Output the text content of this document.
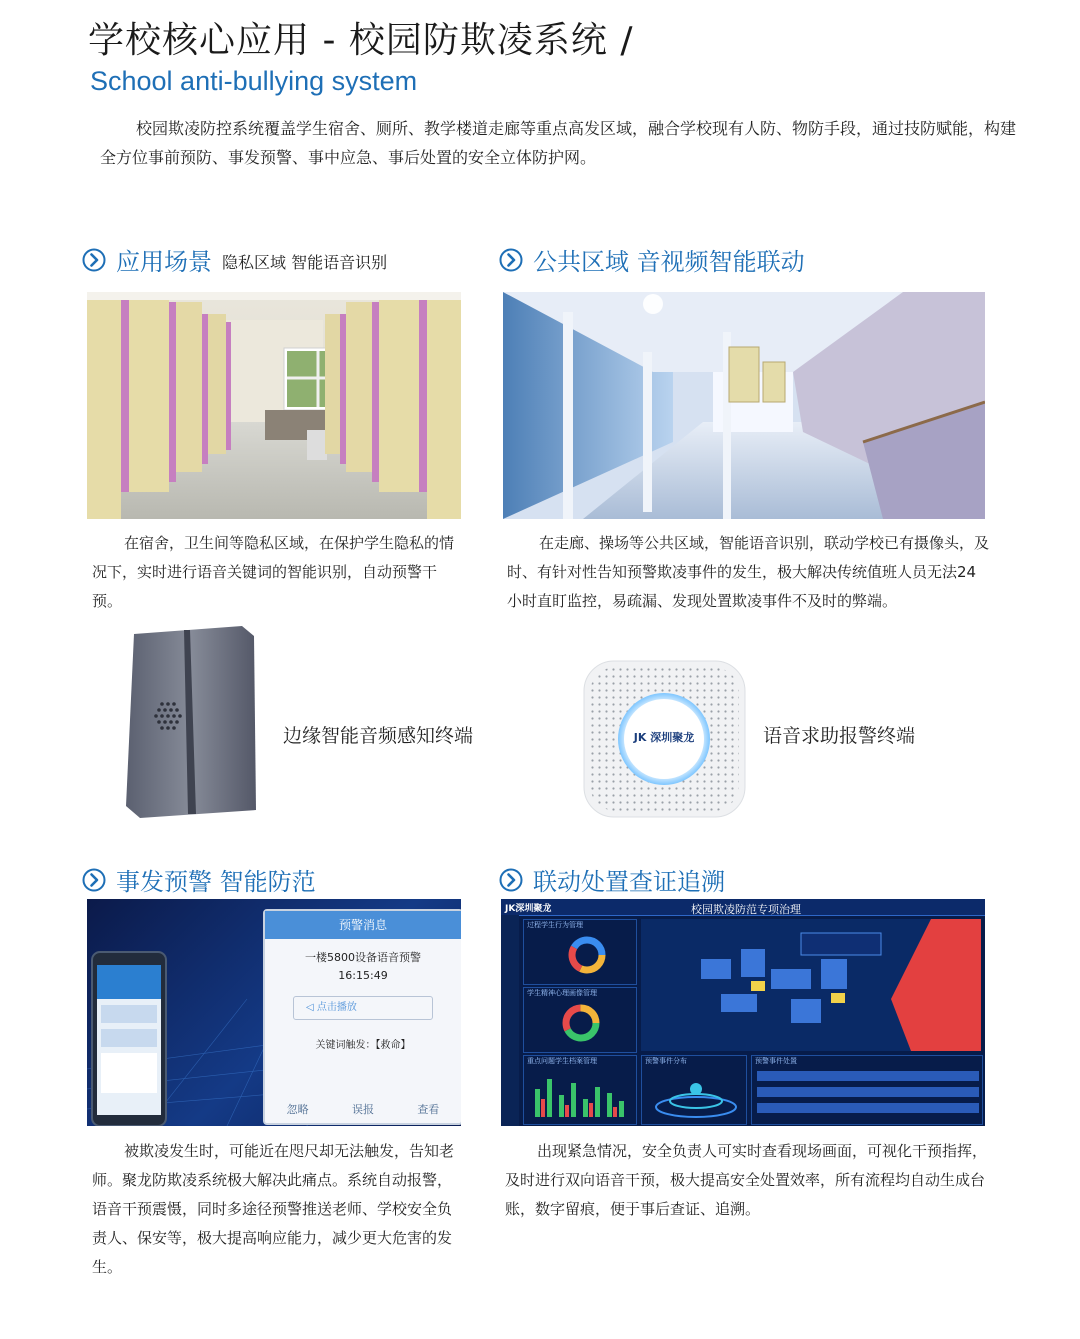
学校核心应用 - 校园防欺凌系统 /
School anti-bullying system
校园欺凌防控系统覆盖学生宿舍、厕所、教学楼道走廊等重点高发区域，融合学校现有人防、物防手段，通过技防赋能，构建全方位事前预防、事发预警、事中应急、事后处置的安全立体防护网。
应用场景 隐私区域 智能语音识别	公共区域 音视频智能联动
在宿舍，卫生间等隐私区域，在保护学生隐私的情况下，实时进行语音关键词的智能识别，自动预警干预。
在走廊、操场等公共区域，智能语音识别，联动学校已有摄像头，及时、有针对性告知预警欺凌事件的发生，极大解决传统值班人员无法24小时直盯监控，易疏漏、发现处置欺凌事件不及时的弊端。
边缘智能音频感知终端	JK 深圳聚龙	语音求助报警终端
事发预警 智能防范	联动处置查证追溯
预警消息
一楼5800设备语音预警
16:15:49
◁ 点击播放
关键词触发：【救命】
忽略	误报	查看
JK深圳聚龙	校园欺凌防范专项治理
过程学生行为管理
学生精神心理画像管理
重点问题学生档案管理	预警事件分布	预警事件处置
被欺凌发生时，可能近在咫尺却无法触发，告知老师。聚龙防欺凌系统极大解决此痛点。系统自动报警，语音干预震慑，同时多途径预警推送老师、学校安全负责人、保安等，极大提高响应能力，减少更大危害的发生。
出现紧急情况，安全负责人可实时查看现场画面，可视化干预指挥，及时进行双向语音干预，极大提高安全处置效率，所有流程均自动生成台账，数字留痕，便于事后查证、追溯。
